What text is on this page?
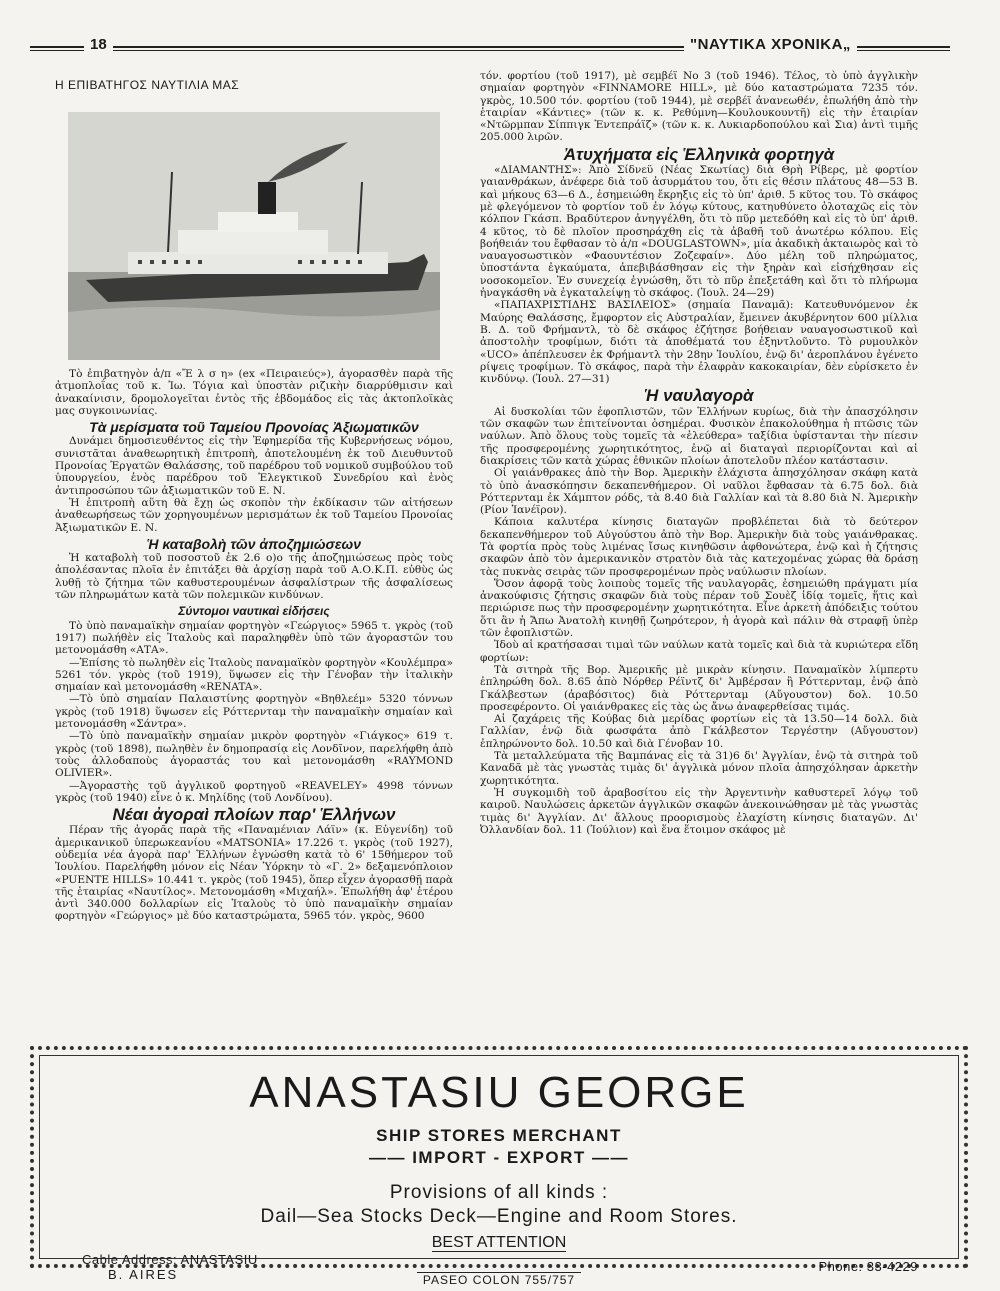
18	"ΝΑΥΤΙΚΑ ΧΡΟΝΙΚΑ„
Η ΕΠΙΒΑΤΗΓΟΣ ΝΑΥΤΙΛΙΑ ΜΑΣ

Τὸ ἐπιβατηγὸν ἀ/π «Ἔ λ σ η» (ex «Πειραιεύς»), ἀγορασθὲν παρὰ τῆς ἀτμοπλοΐας τοῦ κ. Ἰω. Τόγια καὶ ὑποστὰν ριζικὴν διαρρύθμισιν καὶ ἀνακαίνισιν, δρομολογεῖται ἐντὸς τῆς ἑβδομάδος εἰς τὰς ἀκτοπλοϊκὰς μας συγκοινωνίας.

Τὰ μερίσματα τοῦ Ταμείου Προνοίας Ἀξιωματικῶν

Δυνάμει δημοσιευθέντος εἰς τὴν Ἐφημερίδα τῆς Κυβερνήσεως νόμου, συνιστᾶται ἀναθεωρητικὴ ἐπιτροπὴ, ἀποτελουμένη ἐκ τοῦ Διευθυντοῦ Προνοίας Ἐργατῶν Θαλάσσης, τοῦ παρέδρου τοῦ νομικοῦ συμβούλου τοῦ ὑπουργείου, ἑνὸς παρέδρου τοῦ Ἐλεγκτικοῦ Συνεδρίου καὶ ἑνὸς ἀντιπροσώπου τῶν ἀξιωματικῶν τοῦ Ε. Ν.

Ἡ ἐπιτροπὴ αὕτη θὰ ἔχῃ ὡς σκοπὸν τὴν ἐκδίκασιν τῶν αἰτήσεων ἀναθεωρήσεως τῶν χορηγουμένων μερισμάτων ἐκ τοῦ Ταμείου Προνοίας Ἀξιωματικῶν Ε. Ν.

Ἡ καταβολὴ τῶν ἀποζημιώσεων

Ἡ καταβολὴ τοῦ ποσοστοῦ ἐκ 2.6 ο)ο τῆς ἀποζημιώσεως πρὸς τοὺς ἀπολέσαντας πλοῖα ἐν ἐπιτάξει θὰ ἀρχίσῃ παρὰ τοῦ Α.Ο.Κ.Π. εὐθὺς ὡς λυθῇ τὸ ζήτημα τῶν καθυστερουμένων ἀσφαλίστρων τῆς ἀσφαλίσεως τῶν πληρωμάτων κατὰ τῶν πολεμικῶν κινδύνων.

Σύντομοι ναυτικαὶ εἰδήσεις

Τὸ ὑπὸ παναμαϊκὴν σημαίαν φορτηγὸν «Γεώργιος» 5965 τ. γκρὸς (τοῦ 1917) πωλήθὲν εἰς Ἰταλοὺς καὶ παραληφθὲν ὑπὸ τῶν ἀγοραστῶν του μετονομάσθη «ΑΤΑ».

—Ἐπίσης τὸ πωληθὲν εἰς Ἰταλοὺς παναμαϊκὸν φορτηγὸν «Κουλέμπρα» 5261 τόν. γκρὸς (τοῦ 1919), ὕψωσεν εἰς τὴν Γένοβαν τὴν ἰταλικὴν σημαίαν καὶ μετονομάσθη «RENATA».

—Τὸ ὑπὸ σημαίαν Παλαιστίνης φορτηγὸν «Βηθλεέμ» 5320 τόννων γκρὸς (τοῦ 1918) ὕψωσεν εἰς Ρόττερνταμ τὴν παναμαϊκὴν σημαίαν καὶ μετονομάσθη «Σάντρα».

—Τὸ ὑπὸ παναμαϊκὴν σημαίαν μικρὸν φορτηγὸν «Γιάγκος» 619 τ. γκρὸς (τοῦ 1898), πωληθὲν ἐν δημοπρασίᾳ εἰς Λονδῖνον, παρελήφθη ἀπὸ τοὺς ἀλλοδαποὺς ἀγοραστάς του καὶ μετονομάσθη «RAYMOND OLIVIER».

—Ἀγοραστὴς τοῦ ἀγγλικοῦ φορτηγοῦ «REAVELEY» 4998 τόννων γκρὸς (τοῦ 1940) εἶνε ὁ κ. Μηλίδης (τοῦ Λονδίνου).

Νέαι ἀγοραὶ πλοίων παρ' Ἑλλήνων

Πέραν τῆς ἀγορᾶς παρὰ τῆς «Παναμένιαν Λάϊν» (κ. Εὐγενίδη) τοῦ ἀμερικανικοῦ ὑπερωκεανίου «MATSONIA» 17.226 τ. γκρὸς (τοῦ 1927), οὐδεμία νέα ἀγορὰ παρ' Ἑλλήνων ἐγνώσθη κατὰ τὸ 6' 15θήμερον τοῦ Ἰουλίου. Παρελήφθη μόνον εἰς Νέαν Ὑόρκην τὸ «Γ. 2» δεξαμενόπλοιον «PUENTE HILLS» 10.441 τ. γκρὸς (τοῦ 1945), ὅπερ εἶχεν ἀγορασθῇ παρὰ τῆς ἑταιρίας «Ναυτίλος». Μετονομάσθη «Μιχαήλ». Ἐπωλήθη ἀφ' ἑτέρου ἀντὶ 340.000 δολλαρίων εἰς Ἰταλοὺς τὸ ὑπὸ παναμαϊκὴν σημαίαν φορτηγὸν «Γεώργιος» μὲ δύο καταστρώματα, 5965 τόν. γκρὸς, 9600

τόν. φορτίου (τοῦ 1917), μὲ σεμβέϊ Νο 3 (τοῦ 1946). Τέλος, τὸ ὑπὸ ἀγγλικὴν σημαίαν φορτηγὸν «FINNAMORE HILL», μὲ δύο καταστρώματα 7235 τόν. γκρὸς, 10.500 τόν. φορτίου (τοῦ 1944), μὲ σερβέϊ ἀνανεωθέν, ἐπωλήθη ἀπὸ τὴν ἑταιρίαν «Κάντιες» (τῶν κ. κ. Ρεθύμνη—Κουλουκουντῆ) εἰς τὴν ἑταιρίαν «Ντῶρμπαν Σίππιγκ Ἐντεπράϊζ» (τῶν κ. κ. Λυκιαρδοπούλου καὶ Σια) ἀντὶ τιμῆς 205.000 λιρῶν.

Ἀτυχήματα εἰς Ἑλληνικὰ φορτηγὰ

«ΔΙΑΜΑΝΤΗΣ»: Ἀπὸ Σίδνεϋ (Νέας Σκωτίας) διὰ Θρὴ Ρίβερς, μὲ φορτίον γαιανθράκων, ἀνέφερε διὰ τοῦ ἀσυρμάτου του, ὅτι εἰς θέσιν πλάτους 48—53 Β. καὶ μήκους 63—6 Δ., ἐσημειώθη ἔκρηξις εἰς τὸ ὑπ' ἀριθ. 5 κῦτος του. Τὸ σκάφος μὲ φλεγόμενον τὸ φορτίον τοῦ ἐν λόγῳ κύτους, κατηυθύνετο ὁλοταχῶς εἰς τὸν κόλπον Γκάσπ. Βραδύτερον ἀνηγγέλθη, ὅτι τὸ πῦρ μετεδόθη καὶ εἰς τὸ ὑπ' ἀριθ. 4 κῦτος, τὸ δὲ πλοῖον προσηράχθη εἰς τὰ ἀβαθῆ τοῦ ἀνωτέρω κόλπου. Εἰς βοήθειάν του ἔφθασαν τὸ ἀ/π «DOUGLASTOWN», μία ἀκαδικὴ ἀκταιωρὸς καὶ τὸ ναυαγοσωστικὸν «Φαουντέσιον Ζοζεφαίν». Δύο μέλη τοῦ πληρώματος, ὑποστάντα ἐγκαύματα, ἀπεβιβάσθησαν εἰς τὴν ξηρὰν καὶ εἰσήχθησαν εἰς νοσοκομεῖον. Ἐν συνεχείᾳ ἐγνώσθη, ὅτι τὸ πῦρ ἐπεξετάθη καὶ ὅτι τὸ πλήρωμα ἠναγκάσθη νὰ ἐγκαταλείψῃ τὸ σκάφος. (Ἰουλ. 24—29)

«ΠΑΠΑΧΡΙΣΤΙΔΗΣ ΒΑΣΙΛΕΙΟΣ» (σημαία Παναμᾶ): Κατευθυνόμενον ἐκ Μαύρης Θαλάσσης, ἔμφορτον εἰς Αὐστραλίαν, ἔμεινεν ἀκυβέρνητον 600 μίλλια Β. Δ. τοῦ Φρήμαντλ, τὸ δὲ σκάφος ἐζήτησε βοήθειαν ναυαγοσωστικοῦ καὶ ἀποστολὴν τροφίμων, διότι τὰ ἀποθέματά του ἐξηντλοῦντο. Τὸ ρυμουλκὸν «UCO» ἀπέπλευσεν ἐκ Φρήμαντλ τὴν 28ην Ἰουλίου, ἐνῷ δι' ἀεροπλάνου ἐγένετο ρίψεις τροφίμων. Τὸ σκάφος, παρὰ τὴν ἐλαφρὰν κακοκαιρίαν, δὲν εὑρίσκετο ἐν κινδύνῳ. (Ἰουλ. 27—31)

Ἡ ναυλαγορὰ

Αἱ δυσκολίαι τῶν ἐφοπλιστῶν, τῶν Ἑλλήνων κυρίως, διὰ τὴν ἀπασχόλησιν τῶν σκαφῶν των ἐπιτείνονται ὁσημέραι. Φυσικὸν ἐπακολούθημα ἡ πτῶσις τῶν ναύλων. Ἀπὸ ὅλους τοὺς τομεῖς τὰ «ἐλεύθερα» ταξίδια ὑφίστανται τὴν πίεσιν τῆς προσφερομένης χωρητικότητος, ἐνῷ αἱ διαταγαὶ περιορίζονται καὶ αἱ διακρίσεις τῶν κατὰ χώρας ἐθνικῶν πλοίων ἀποτελοῦν πλέον κατάστασιν.

Οἱ γαιάνθρακες ἀπὸ τὴν Βορ. Ἀμερικὴν ἐλάχιστα ἀπησχόλησαν σκάφη κατὰ τὸ ὑπὸ ἀνασκόπησιν δεκαπενθήμερον. Οἱ ναῦλοι ἔφθασαν τὰ 6.75 δολ. διὰ Ρόττερνταμ ἐκ Χάμπτον ρόδς, τὰ 8.40 διὰ Γαλλίαν καὶ τὰ 8.80 διὰ Ν. Ἀμερικὴν (Ρίον Ἰανέϊρον).

Κάποια καλυτέρα κίνησις διαταγῶν προβλέπεται διὰ τὸ δεύτερον δεκαπενθήμερον τοῦ Αὐγούστου ἀπὸ τὴν Βορ. Ἀμερικὴν διὰ τοὺς γαιάνθρακας. Τὰ φορτία πρὸς τοὺς λιμένας ἴσως κινηθῶσιν ἀφθονώτερα, ἐνῷ καὶ ἡ ζήτησις σκαφῶν ἀπὸ τὸν ἀμερικανικὸν στρατὸν διὰ τὰς κατεχομένας χώρας θὰ δράσῃ τὰς πυκνὰς σειρὰς τῶν προσφερομένων πρὸς ναύλωσιν πλοίων.

Ὅσον ἀφορᾷ τοὺς λοιποὺς τομεῖς τῆς ναυλαγορᾶς, ἐσημειώθη πράγματι μία ἀνακούφισις ζήτησις σκαφῶν διὰ τοὺς πέραν τοῦ Σουὲζ ἰδίᾳ τομεῖς, ἥτις καὶ περιώρισε πως τὴν προσφερομένην χωρητικότητα. Εἶνε ἀρκετὴ ἀπόδειξις τούτου ὅτι ἂν ἡ Ἄπω Ἀνατολὴ κινηθῇ ζωηρότερον, ἡ ἀγορὰ καὶ πάλιν θὰ στραφῇ ὑπὲρ τῶν ἐφοπλιστῶν.

Ἰδοὺ αἱ κρατήσασαι τιμαὶ τῶν ναύλων κατὰ τομεῖς καὶ διὰ τὰ κυριώτερα εἴδη φορτίων:

Τὰ σιτηρὰ τῆς Βορ. Ἀμερικῆς μὲ μικρὰν κίνησιν. Παναμαϊκὸν λίμπερτυ ἐπληρώθη δολ. 8.65 ἀπὸ Νόρθερ Ρέϊντζ δι' Ἀμβέρσαν ἢ Ρόττερνταμ, ἐνῷ ἀπὸ Γκάλβεστων (ἀραβόσιτος) διὰ Ρόττερνταμ (Αὔγουστον) δολ. 10.50 προσεφέροντο. Οἱ γαιάνθρακες εἰς τὰς ὡς ἄνω ἀναφερθείσας τιμάς.

Αἱ ζαχάρεις τῆς Κούβας διὰ μερίδας φορτίων εἰς τὰ 13.50—14 δολλ. διὰ Γαλλίαν, ἐνῷ διὰ φωσφάτα ἀπὸ Γκάλβεστον Τεργέστην (Αὔγουστον) ἐπληρώνοντο δολ. 10.50 καὶ διὰ Γένοβαν 10.

Τὰ μεταλλεύματα τῆς Βαμπάνας εἰς τὰ 31)6 δι' Ἀγγλίαν, ἐνῷ τὰ σιτηρὰ τοῦ Καναδᾶ μὲ τὰς γνωστὰς τιμὰς δι' ἀγγλικὰ μόνον πλοῖα ἀπησχόλησαν ἀρκετὴν χωρητικότητα.

Ἡ συγκομιδὴ τοῦ ἀραβοσίτου εἰς τὴν Ἀργεντινὴν καθυστερεῖ λόγῳ τοῦ καιροῦ. Ναυλώσεις ἀρκετῶν ἀγγλικῶν σκαφῶν ἀνεκοινώθησαν μὲ τὰς γνωστὰς τιμὰς δι' Ἀγγλίαν. Δι' ἄλλους προορισμοὺς ἐλαχίστη κίνησις διαταγῶν. Δι' Ὀλλανδίαν δολ. 11 (Ἰούλιον) καὶ ἕνα ἕτοιμον σκάφος μὲ

ANASTASIU GEORGE
SHIP STORES MERCHANT
—— IMPORT - EXPORT ——
Provisions of all kinds :
Dail—Sea Stocks Deck—Engine and Room Stores.
BEST ATTENTION
Cable Address: ANASTASIU
B. AIRES
Phone: 33-4229
PASEO COLON 755/757
